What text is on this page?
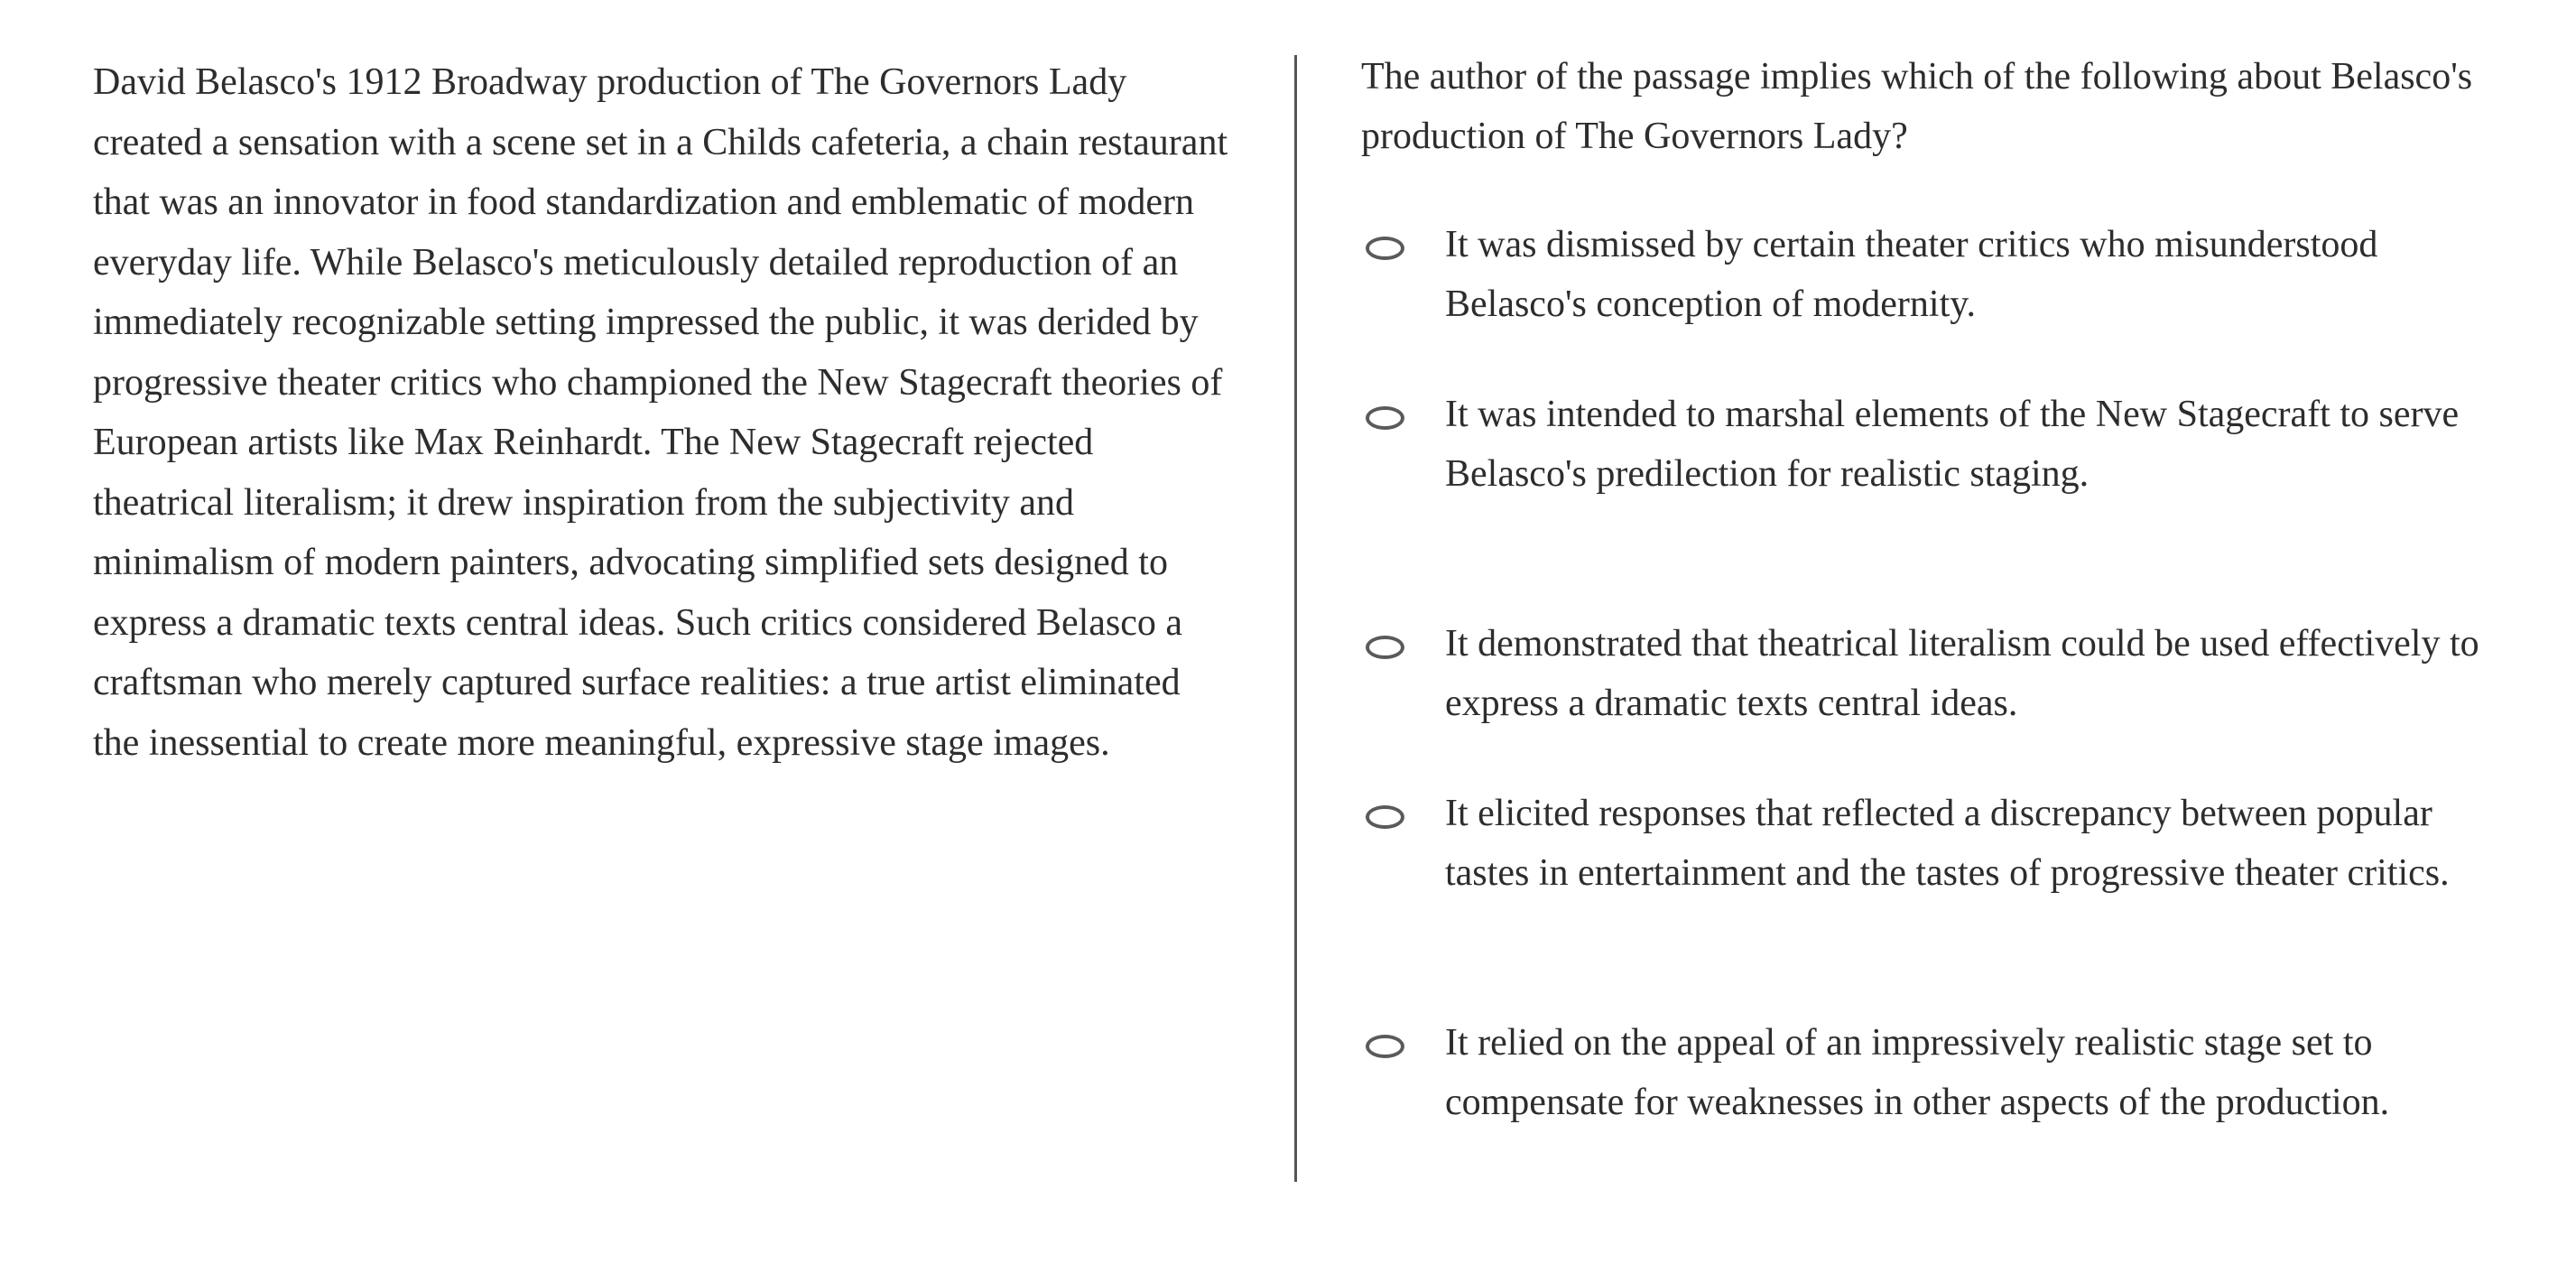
David Belasco's 1912 Broadway production of The Governors Lady created a sensation with a scene set in a Childs cafeteria, a chain restaurant that was an innovator in food standardization and emblematic of modern everyday life. While Belasco's meticulously detailed reproduction of an immediately recognizable setting impressed the public, it was derided by progressive theater critics who championed the New Stagecraft theories of European artists like Max Reinhardt. The New Stagecraft rejected theatrical literalism; it drew inspiration from the subjectivity and minimalism of modern painters, advocating simplified sets designed to express a dramatic texts central ideas. Such critics considered Belasco a craftsman who merely captured surface realities: a true artist eliminated the inessential to create more meaningful, expressive stage images.

The author of the passage implies which of the following about Belasco's production of The Governors Lady?

It was dismissed by certain theater critics who misunderstood Belasco's conception of modernity.
It was intended to marshal elements of the New Stagecraft to serve Belasco's predilection for realistic staging.
It demonstrated that theatrical literalism could be used effectively to express a dramatic texts central ideas.
It elicited responses that reflected a discrepancy between popular tastes in entertainment and the tastes of progressive theater critics.
It relied on the appeal of an impressively realistic stage set to compensate for weaknesses in other aspects of the production.
